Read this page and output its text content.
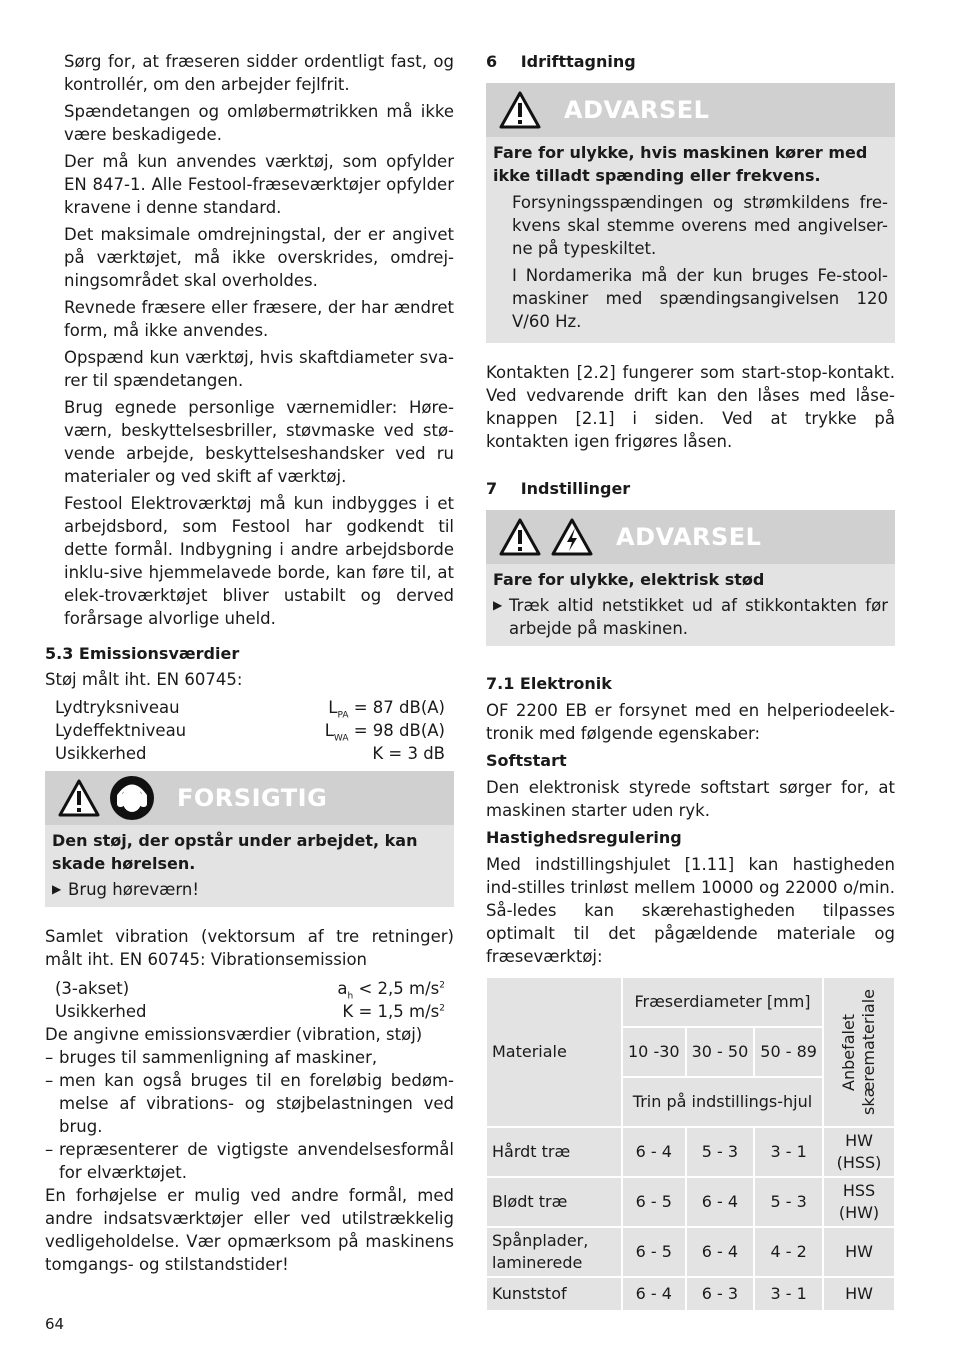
Sørg for, at fræseren sidder ordentligt fast, og kontrollér, om den arbejder fejlfrit.

Spændetangen og omløbermøtrikken må ikke være beskadigede.

Der må kun anvendes værktøj, som opfylder EN 847-1. Alle Festool-fræseværktøjer opfylder kravene i denne standard.

Det maksimale omdrejningstal, der er angivet på værktøjet, må ikke overskrides, omdrej-ningsområdet skal overholdes.

Revnede fræsere eller fræsere, der har ændret form, må ikke anvendes.

Opspænd kun værktøj, hvis skaftdiameter sva-rer til spændetangen.

Brug egnede personlige værnemidler: Høre-værn, beskyttelsesbriller, støvmaske ved stø-vende arbejde, beskyttelseshandsker ved ru materialer og ved skift af værktøj.

Festool Elektroværktøj må kun indbygges i et arbejdsbord, som Festool har godkendt til dette formål. Indbygning i andre arbejdsborde inklu-sive hjemmelavede borde, kan føre til, at elek-troværktøjet bliver ustabilt og derved forårsage alvorlige uheld.

5.3 Emissionsværdier

Støj målt iht. EN 60745:

Lydtryksniveau	$L_{PA} = 87$ dB(A)
Lydeffektniveau	$L_{WA} = 98$ dB(A)
Usikkerhed	K = 3 dB
FORSIGTIG

Den støj, der opstår under arbejdet, kan skade hørelsen.

▶ Brug høreværn!

Samlet vibration (vektorsum af tre retninger) målt iht. EN 60745: Vibrationsemission

(3-akset)	$a_h < 2,5$ $m/s^2$
Usikkerhed	K = 1,5 $m/s^2$

De angivne emissionsværdier (vibration, støj)

– bruges til sammenligning af maskiner,

– men kan også bruges til en foreløbig bedøm-melse af vibrations- og støjbelastningen ved brug.

– repræsenterer de vigtigste anvendelsesformål for elværktøjet.

En forhøjelse er mulig ved andre formål, med andre indsatsværktøjer eller ved utilstrækkelig vedligeholdelse. Vær opmærksom på maskinens tomgangs- og stilstandstider!

6 Idrifttagning

ADVARSEL

Fare for ulykke, hvis maskinen kører med ikke tilladt spænding eller frekvens.

Forsyningsspændingen og strømkildens fre-kvens skal stemme overens med angivelser-ne på typeskiltet.

I Nordamerika må der kun bruges Fe-stool-maskiner med spændingsangivelsen 120 V/60 Hz.

Kontakten [2.2] fungerer som start-stop-kontakt. Ved vedvarende drift kan den låses med låse-knappen [2.1] i siden. Ved at trykke på kontakten igen frigøres låsen.

7 Indstillinger

ADVARSEL

Fare for ulykke, elektrisk stød

▶ Træk altid netstikket ud af stikkontakten før arbejde på maskinen.

7.1 Elektronik

OF 2200 EB er forsynet med en helperiodeelek-tronik med følgende egenskaber:

Softstart

Den elektronisk styrede softstart sørger for, at maskinen starter uden ryk.

Hastighedsregulering

Med indstillingshjulet [1.11] kan hastigheden ind-stilles trinløst mellem 10000 og 22000 o/min. Så-ledes kan skærehastigheden tilpasses optimalt til det pågældende materiale og fræseværktøj:

Materiale	Fræserdiameter [mm]			Anbefalet skæremateriale

	10 -30	30 - 50	50 - 89	
	Trin på indstillings-hjul			
Hårdt træ	6 - 4	5 - 3	3 - 1	HW (HSS)
Blødt træ	6 - 5	6 - 4	5 - 3	HSS (HW)
Spånplader, laminerede	6 - 5	6 - 4	4 - 2	HW
Kunststof	6 - 4	6 - 3	3 - 1	HW
64
